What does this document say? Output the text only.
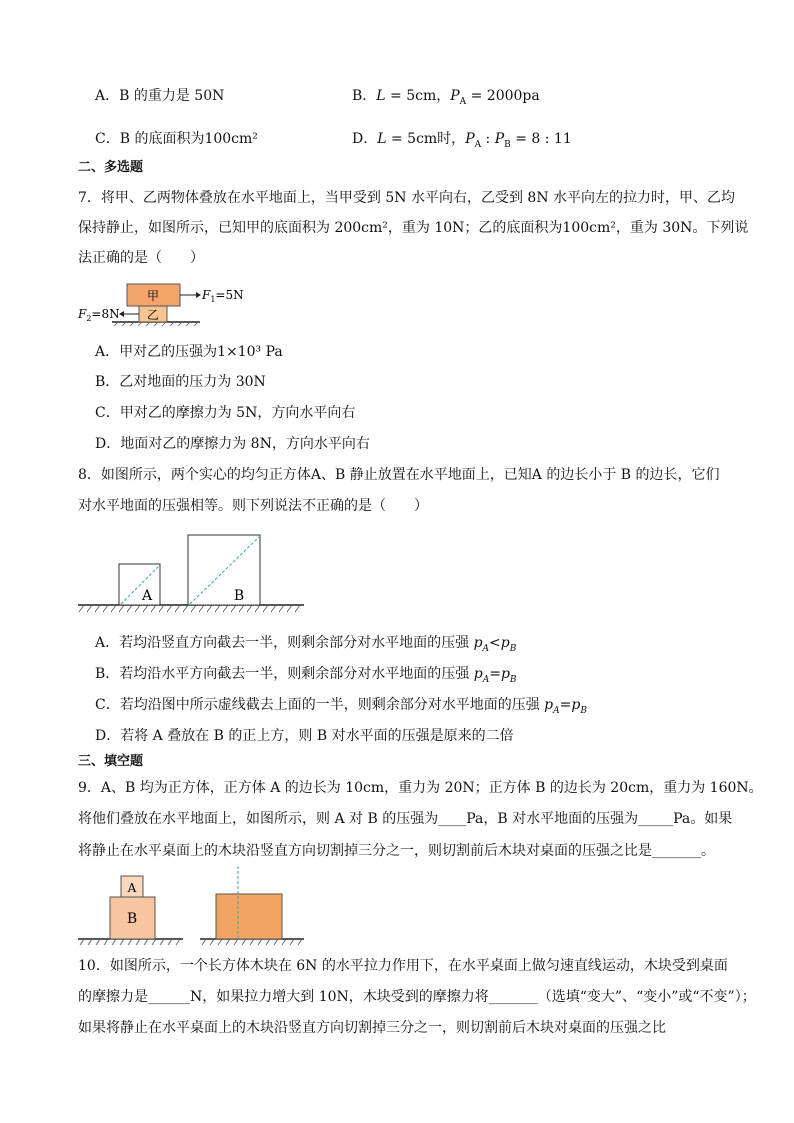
A．B 的重力是 50N	B．L = 5cm，$P_A = 2000pa$
C．B 的底面积为100cm²	D．L = 5cm时，$P_A$ : $P_B = 8$ : 11
二、多选题
7．将甲、乙两物体叠放在水平地面上，当甲受到 5N 水平向右，乙受到 8N 水平向左的拉力时，甲、乙均
保持静止，如图所示，已知甲的底面积为 200cm²，重为 10N；乙的底面积为100cm²，重为 30N。下列说
法正确的是（　　）
乙
甲	$F_1=5N$
$F_2=8N$
A．甲对乙的压强为1×10³ Pa
B．乙对地面的压力为 30N
C．甲对乙的摩擦力为 5N，方向水平向右
D．地面对乙的摩擦力为 8N，方向水平向右
8．如图所示，两个实心的均匀正方体A、B 静止放置在水平地面上，已知A 的边长小于 B 的边长，它们
对水平地面的压强相等。则下列说法不正确的是（　　）
A	B
A．若均沿竖直方向截去一半，则剩余部分对水平地面的压强 $p_A<p_B$
B．若均沿水平方向截去一半，则剩余部分对水平地面的压强 $p_A=p_B$
C．若均沿图中所示虚线截去上面的一半，则剩余部分对水平地面的压强 $p_A=p_B$
D．若将 A 叠放在 B 的正上方，则 B 对水平面的压强是原来的二倍
三、填空题
9．A、B 均为正方体，正方体 A 的边长为 10cm，重力为 20N；正方体 B 的边长为 20cm，重力为 160N。
将他们叠放在水平地面上，如图所示，则 A 对 B 的压强为____Pa，B 对水平地面的压强为_____Pa。如果
将静止在水平桌面上的木块沿竖直方向切割掉三分之一，则切割前后木块对桌面的压强之比是_______。
B
A
10．如图所示，一个长方体木块在 6N 的水平拉力作用下，在水平桌面上做匀速直线运动，木块受到桌面
的摩擦力是______N，如果拉力增大到 10N，木块受到的摩擦力将_______（选填“变大”、“变小”或“不变”）；
如果将静止在水平桌面上的木块沿竖直方向切割掉三分之一，则切割前后木块对桌面的压强之比
